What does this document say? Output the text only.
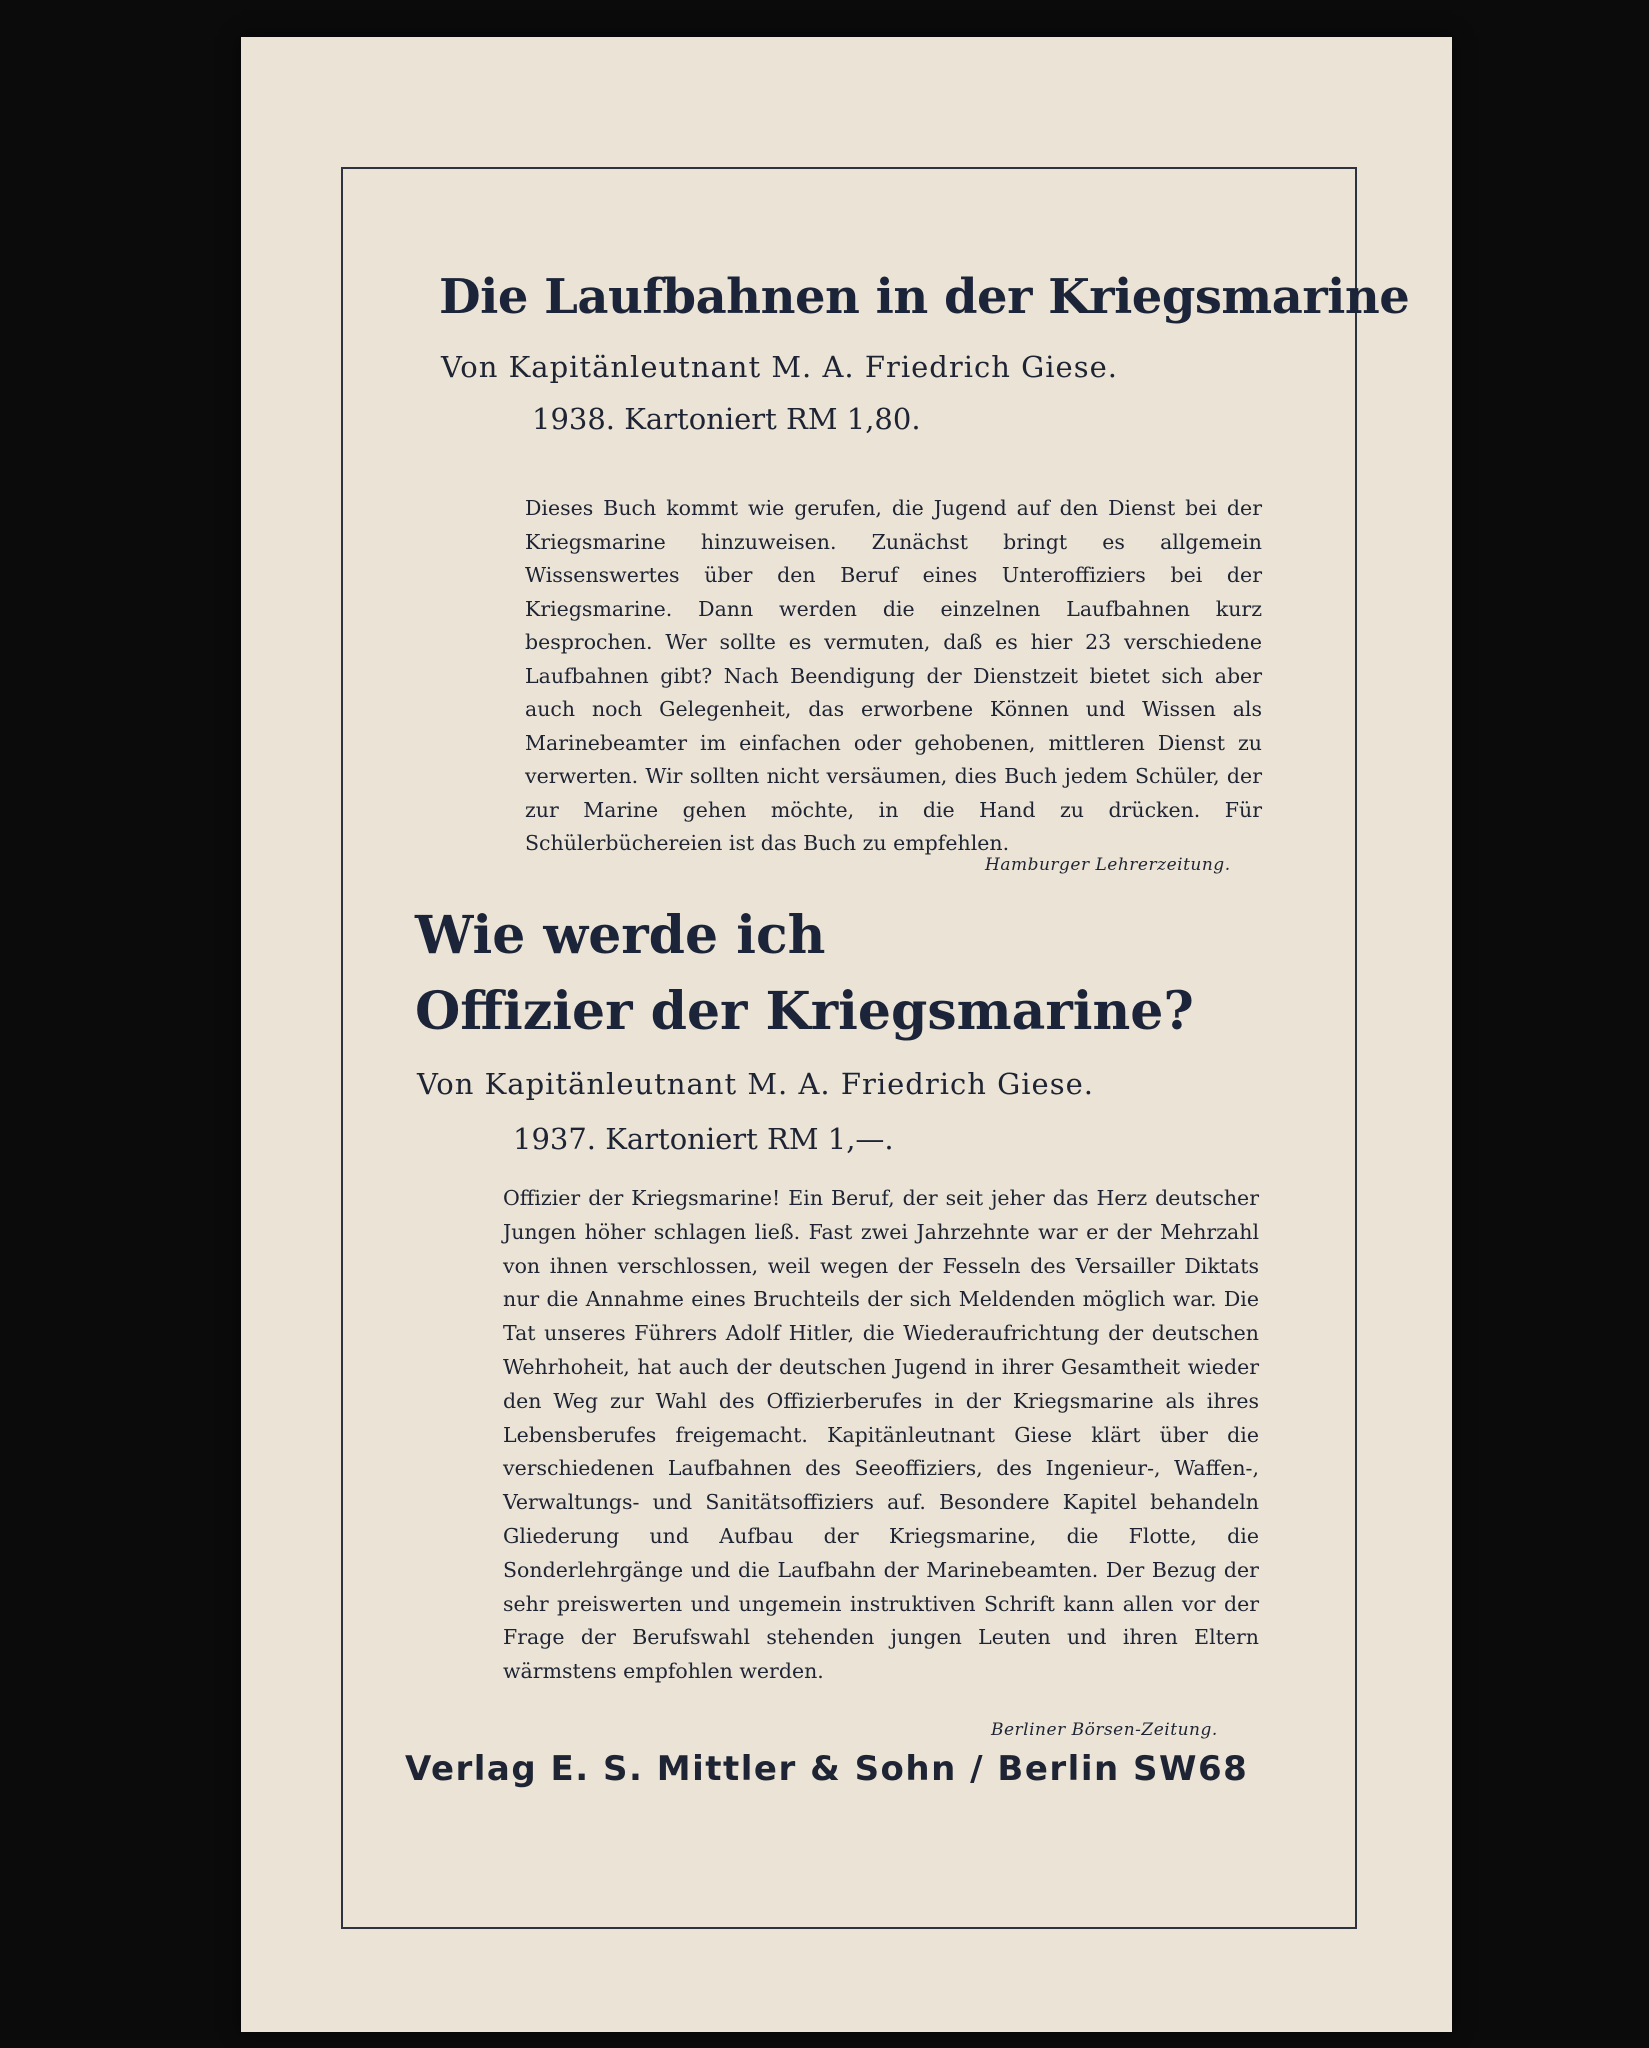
Die Laufbahnen in der Kriegsmarine
Von Kapitänleutnant M. A. Friedrich Giese.
1938. Kartoniert RM 1,80.

Dieses Buch kommt wie gerufen, die Jugend auf den Dienst bei der Kriegsmarine hinzuweisen. Zunächst bringt es allgemein Wissenswertes über den Beruf eines Unteroffiziers bei der Kriegsmarine. Dann werden die einzelnen Laufbahnen kurz besprochen. Wer sollte es vermuten, daß es hier 23 verschiedene Laufbahnen gibt? Nach Beendigung der Dienstzeit bietet sich aber auch noch Gelegenheit, das erworbene Können und Wissen als Marinebeamter im einfachen oder gehobenen, mittleren Dienst zu verwerten. Wir sollten nicht versäumen, dies Buch jedem Schüler, der zur Marine gehen möchte, in die Hand zu drücken. Für Schülerbüchereien ist das Buch zu empfehlen.

Hamburger Lehrerzeitung.
Wie werde ich
Offizier der Kriegsmarine?
Von Kapitänleutnant M. A. Friedrich Giese.
1937. Kartoniert RM 1,—.

Offizier der Kriegsmarine! Ein Beruf, der seit jeher das Herz deutscher Jungen höher schlagen ließ. Fast zwei Jahrzehnte war er der Mehrzahl von ihnen verschlossen, weil wegen der Fesseln des Versailler Diktats nur die Annahme eines Bruchteils der sich Meldenden möglich war. Die Tat unseres Führers Adolf Hitler, die Wiederaufrichtung der deutschen Wehrhoheit, hat auch der deutschen Jugend in ihrer Gesamtheit wieder den Weg zur Wahl des Offizierberufes in der Kriegsmarine als ihres Lebensberufes freigemacht. Kapitänleutnant Giese klärt über die verschiedenen Laufbahnen des Seeoffiziers, des Ingenieur-, Waffen-, Verwaltungs- und Sanitätsoffiziers auf. Besondere Kapitel behandeln Gliederung und Aufbau der Kriegsmarine, die Flotte, die Sonderlehrgänge und die Laufbahn der Marinebeamten. Der Bezug der sehr preiswerten und ungemein instruktiven Schrift kann allen vor der Frage der Berufswahl stehenden jungen Leuten und ihren Eltern wärmstens empfohlen werden.

Berliner Börsen-Zeitung.
Verlag E. S. Mittler & Sohn / Berlin SW68
